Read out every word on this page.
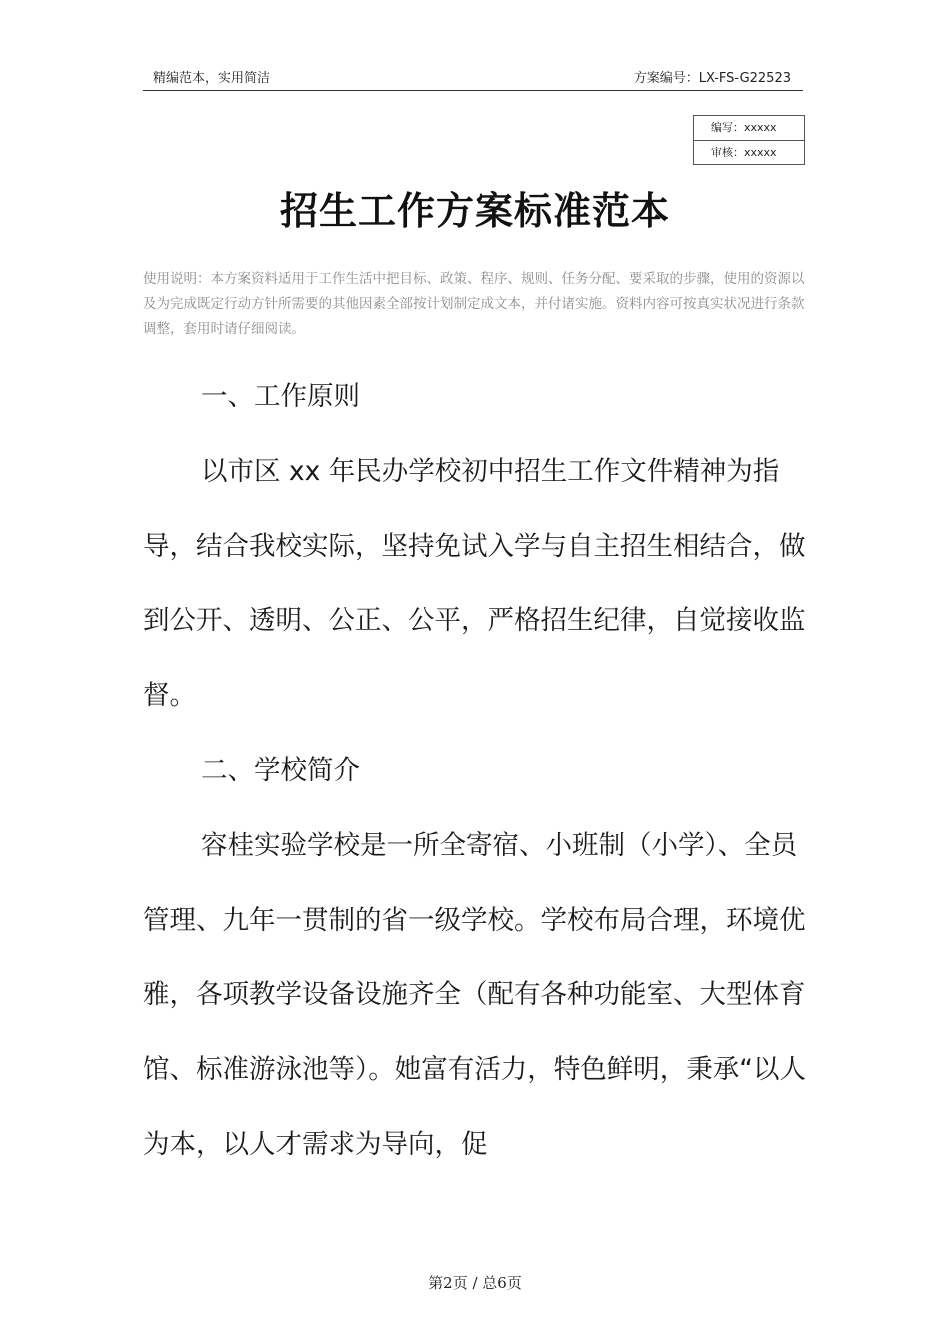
精编范本，实用简洁	方案编号：LX-FS-G22523
编写：xxxxx
审核：xxxxx
招生工作方案标准范本
使用说明：本方案资料适用于工作生活中把目标、政策、程序、规则、任务分配、要采取的步骤，使用的资源以及为完成既定行动方针所需要的其他因素全部按计划制定成文本，并付诸实施。资料内容可按真实状况进行条款调整，套用时请仔细阅读。

一、工作原则

以市区 xx 年民办学校初中招生工作文件精神为指导，结合我校实际，坚持免试入学与自主招生相结合，做到公开、透明、公正、公平，严格招生纪律，自觉接收监督。

二、学校简介

容桂实验学校是一所全寄宿、小班制（小学）、全员管理、九年一贯制的省一级学校。学校布局合理，环境优雅，各项教学设备设施齐全（配有各种功能室、大型体育馆、标准游泳池等）。她富有活力，特色鲜明，秉承“以人为本，以人才需求为导向，促

第2页 / 总6页
